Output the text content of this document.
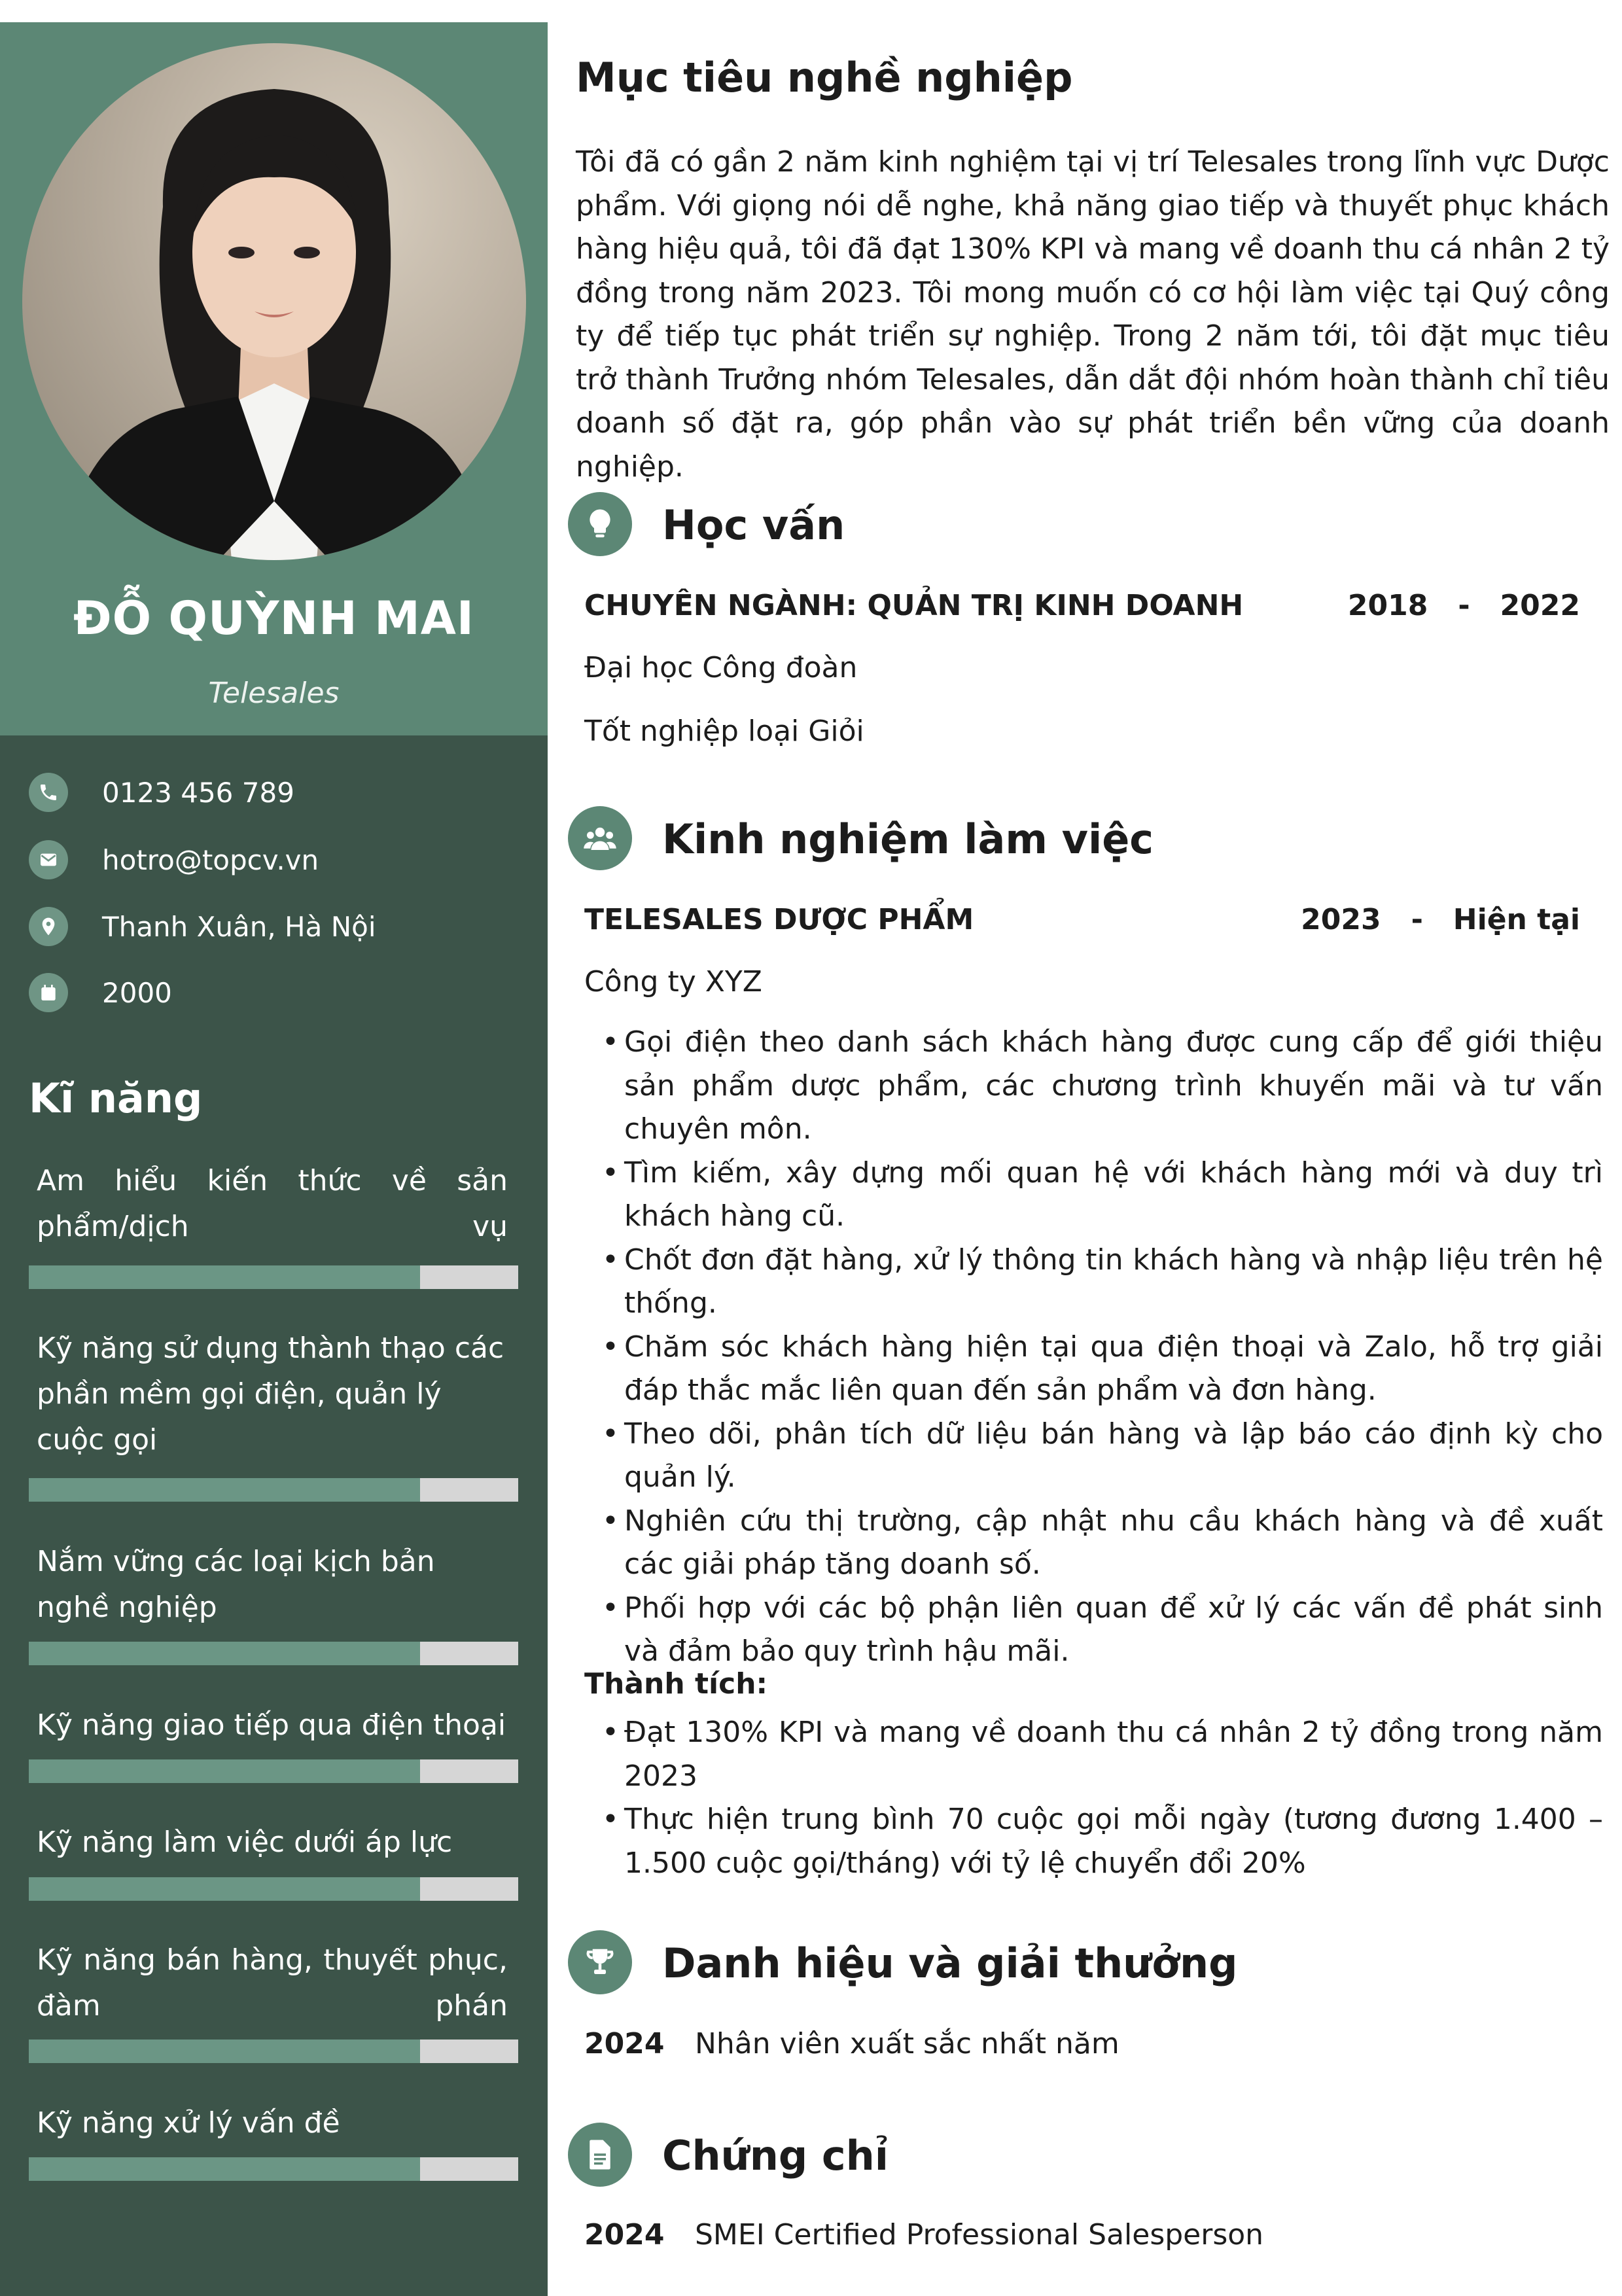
ĐỖ QUỲNH MAI
Telesales
0123 456 789
hotro@topcv.vn
Thanh Xuân, Hà Nội
2000
Kĩ năng
Am hiểu kiến thức về sản phẩm/dịch vụ
Kỹ năng sử dụng thành thạo các phần mềm gọi điện, quản lý cuộc gọi
Nắm vững các loại kịch bản nghề nghiệp
Kỹ năng giao tiếp qua điện thoại
Kỹ năng làm việc dưới áp lực
Kỹ năng bán hàng, thuyết phục, đàm phán
Kỹ năng xử lý vấn đề
Mục tiêu nghề nghiệp
Tôi đã có gần 2 năm kinh nghiệm tại vị trí Telesales trong lĩnh vực Dược phẩm. Với giọng nói dễ nghe, khả năng giao tiếp và thuyết phục khách hàng hiệu quả, tôi đã đạt 130% KPI và mang về doanh thu cá nhân 2 tỷ đồng trong năm 2023. Tôi mong muốn có cơ hội làm việc tại Quý công ty để tiếp tục phát triển sự nghiệp. Trong 2 năm tới, tôi đặt mục tiêu trở thành Trưởng nhóm Telesales, dẫn dắt đội nhóm hoàn thành chỉ tiêu doanh số đặt ra, góp phần vào sự phát triển bền vững của doanh nghiệp.
Học vấn
CHUYÊN NGÀNH: QUẢN TRỊ KINH DOANH	2018   -   2022
Đại học Công đoàn
Tốt nghiệp loại Giỏi
Kinh nghiệm làm việc
TELESALES DƯỢC PHẨM	2023   -   Hiện tại
Công ty XYZ
• Gọi điện theo danh sách khách hàng được cung cấp để giới thiệu sản phẩm dược phẩm, các chương trình khuyến mãi và tư vấn chuyên môn.
• Tìm kiếm, xây dựng mối quan hệ với khách hàng mới và duy trì khách hàng cũ.
• Chốt đơn đặt hàng, xử lý thông tin khách hàng và nhập liệu trên hệ thống.
• Chăm sóc khách hàng hiện tại qua điện thoại và Zalo, hỗ trợ giải đáp thắc mắc liên quan đến sản phẩm và đơn hàng.
• Theo dõi, phân tích dữ liệu bán hàng và lập báo cáo định kỳ cho quản lý.
• Nghiên cứu thị trường, cập nhật nhu cầu khách hàng và đề xuất các giải pháp tăng doanh số.
• Phối hợp với các bộ phận liên quan để xử lý các vấn đề phát sinh và đảm bảo quy trình hậu mãi.
Thành tích:
• Đạt 130% KPI và mang về doanh thu cá nhân 2 tỷ đồng trong năm 2023
• Thực hiện trung bình 70 cuộc gọi mỗi ngày (tương đương 1.400 – 1.500 cuộc gọi/tháng) với tỷ lệ chuyển đổi 20%
Danh hiệu và giải thưởng
2024 Nhân viên xuất sắc nhất năm
Chứng chỉ
2024 SMEI Certified Professional Salesperson
